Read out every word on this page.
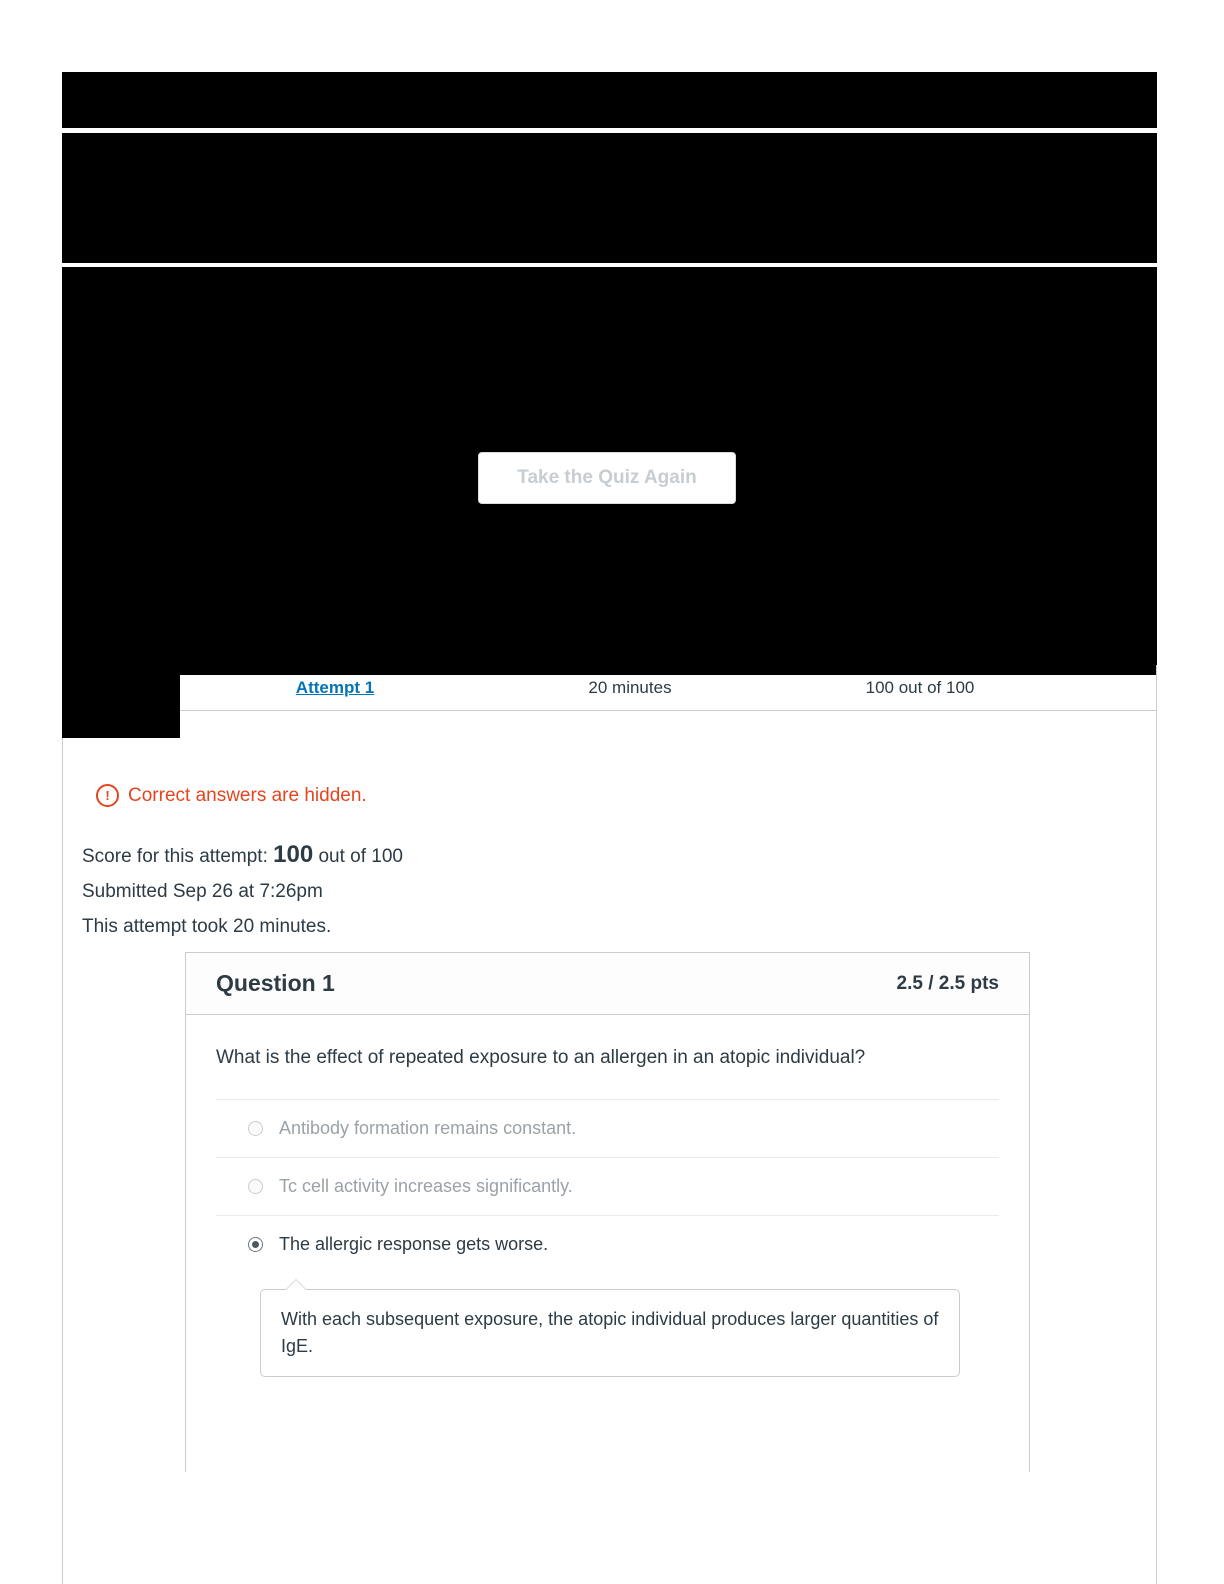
Take the Quiz Again
Attempt 1	20 minutes	100 out of 100
! Correct answers are hidden.
Score for this attempt: 100 out of 100
Submitted Sep 26 at 7:26pm
This attempt took 20 minutes.
Question 1	2.5 / 2.5 pts
What is the effect of repeated exposure to an allergen in an atopic individual?
Antibody formation remains constant.
Tc cell activity increases significantly.
The allergic response gets worse.
With each subsequent exposure, the atopic individual produces larger quantities of IgE.
